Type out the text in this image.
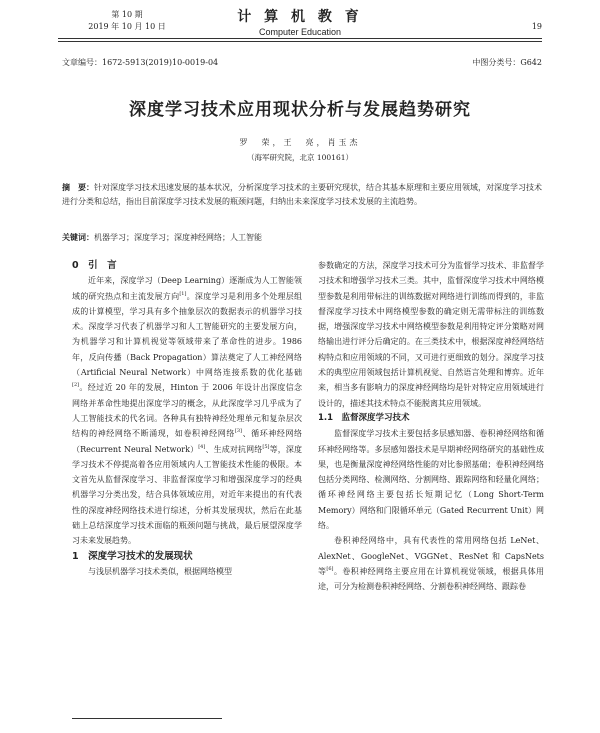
第 10 期
2019 年 10 月 10 日
计 算 机 教 育
Computer Education
19
文章编号：1672-5913(2019)10-0019-04	中图分类号：G642
深度学习技术应用现状分析与发展趋势研究
罗　荣，王　亮，肖玉杰
（海军研究院，北京 100161）
摘　要：针对深度学习技术迅速发展的基本状况，分析深度学习技术的主要研究现状，结合其基本原理和主要应用领域，对深度学习技术进行分类和总结，指出目前深度学习技术发展的瓶颈问题，归纳出未来深度学习技术发展的主流趋势。
关键词：机器学习；深度学习；深度神经网络；人工智能

0　引　言

近年来，深度学习（Deep Learning）逐渐成为人工智能领域的研究热点和主流发展方向[1]。深度学习是利用多个处理层组成的计算模型，学习具有多个抽象层次的数据表示的机器学习技术。深度学习代表了机器学习和人工智能研究的主要发展方向，为机器学习和计算机视觉等领域带来了革命性的进步。1986 年，反向传播（Back Propagation）算法奠定了人工神经网络（Artificial Neural Network）中网络连接系数的优化基础[2]。经过近 20 年的发展，Hinton 于 2006 年设计出深度信念网络并革命性地提出深度学习的概念，从此深度学习几乎成为了人工智能技术的代名词。各种具有独特神经处理单元和复杂层次结构的神经网络不断涌现，如卷积神经网络[3]、循环神经网络（Recurrent Neural Network）[4]、生成对抗网络[5]等，深度学习技术不停提高着各应用领域内人工智能技术性能的极限。本文首先从监督深度学习、非监督深度学习和增强深度学习的经典机器学习分类出发，结合具体领域应用，对近年来提出的有代表性的深度神经网络技术进行综述，分析其发展现状，然后在此基础上总结深度学习技术面临的瓶颈问题与挑战，最后展望深度学习未来发展趋势。

1　深度学习技术的发展现状

与浅层机器学习技术类似，根据网络模型

参数确定的方法，深度学习技术可分为监督学习技术、非监督学习技术和增强学习技术三类。其中，监督深度学习技术中网络模型参数是利用带标注的训练数据对网络进行训练而得到的，非监督深度学习技术中网络模型参数的确定则无需带标注的训练数据，增强深度学习技术中网络模型参数是利用特定评分策略对网络输出进行评分后确定的。在三类技术中，根据深度神经网络结构特点和应用领域的不同，又可进行更细致的划分。深度学习技术的典型应用领域包括计算机视觉、自然语言处理和博弈。近年来，相当多有影响力的深度神经网络均是针对特定应用领域进行设计的，描述其技术特点不能脱离其应用领域。

1.1　监督深度学习技术

监督深度学习技术主要包括多层感知器、卷积神经网络和循环神经网络等。多层感知器技术是早期神经网络研究的基础性成果，也是衡量深度神经网络性能的对比参照基础；卷积神经网络包括分类网络、检测网络、分割网络、跟踪网络和轻量化网络；循环神经网络主要包括长短期记忆（Long Short-Term Memory）网络和门限循环单元（Gated Recurrent Unit）网络。

卷积神经网络中，具有代表性的常用网络包括 LeNet、AlexNet、GoogleNet、VGGNet、ResNet 和 CapsNets 等[6]。卷积神经网络主要应用在计算机视觉领域，根据具体用途，可分为检测卷积神经网络、分割卷积神经网络、跟踪卷
